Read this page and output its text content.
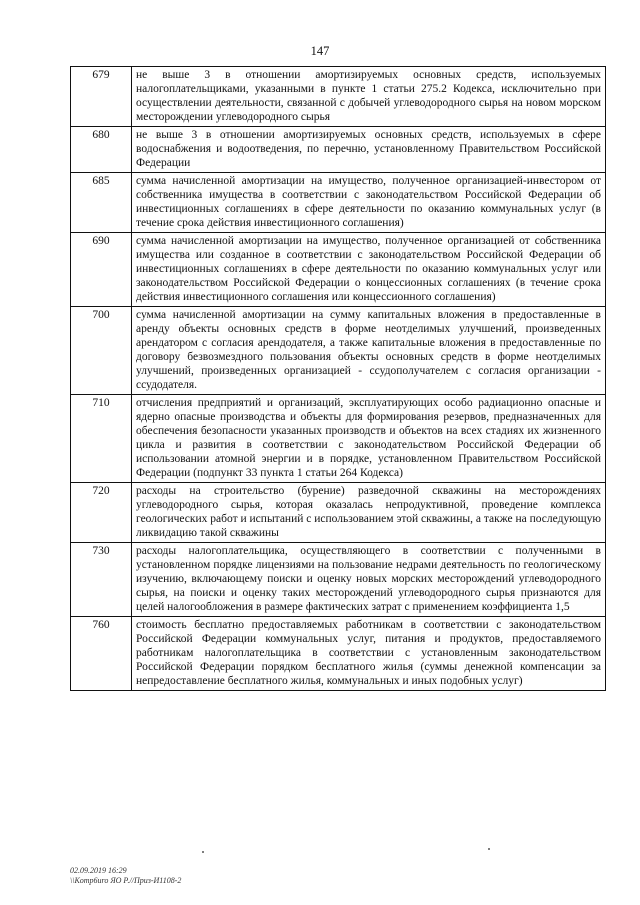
147
679	не выше 3 в отношении амортизируемых основных средств, используемых налогоплательщиками, указанными в пункте 1 статьи 275.2 Кодекса, исключительно при осуществлении деятельности, связанной с добычей углеводородного сырья на новом морском месторождении углеводородного сырья
680	не выше 3 в отношении амортизируемых основных средств, используемых в сфере водоснабжения и водоотведения, по перечню, установленному Правительством Российской Федерации
685	сумма начисленной амортизации на имущество, полученное организацией-инвестором от собственника имущества в соответствии с законодательством Российской Федерации об инвестиционных соглашениях в сфере деятельности по оказанию коммунальных услуг (в течение срока действия инвестиционного соглашения)
690	сумма начисленной амортизации на имущество, полученное организацией от собственника имущества или созданное в соответствии с законодательством Российской Федерации об инвестиционных соглашениях в сфере деятельности по оказанию коммунальных услуг или законодательством Российской Федерации о концессионных соглашениях (в течение срока действия инвестиционного соглашения или концессионного соглашения)
700	сумма начисленной амортизации на сумму капитальных вложения в предоставленные в аренду объекты основных средств в форме неотделимых улучшений, произведенных арендатором с согласия арендодателя, а также капитальные вложения в предоставленные по договору безвозмездного пользования объекты основных средств в форме неотделимых улучшений, произведенных организацией - ссудополучателем с согласия организации - ссудодателя.
710	отчисления предприятий и организаций, эксплуатирующих особо радиационно опасные и ядерно опасные производства и объекты для формирования резервов, предназначенных для обеспечения безопасности указанных производств и объектов на всех стадиях их жизненного цикла и развития в соответствии с законодательством Российской Федерации об использовании атомной энергии и в порядке, установленном Правительством Российской Федерации (подпункт 33 пункта 1 статьи 264 Кодекса)
720	расходы на строительство (бурение) разведочной скважины на месторождениях углеводородного сырья, которая оказалась непродуктивной, проведение комплекса геологических работ и испытаний с использованием этой скважины, а также на последующую ликвидацию такой скважины
730	расходы налогоплательщика, осуществляющего в соответствии с полученными в установленном порядке лицензиями на пользование недрами деятельность по геологическому изучению, включающему поиски и оценку новых морских месторождений углеводородного сырья, на поиски и оценку таких месторождений углеводородного сырья признаются для целей налогообложения в размере фактических затрат с применением коэффициента 1,5
760	стоимость бесплатно предоставляемых работникам в соответствии с законодательством Российской Федерации коммунальных услуг, питания и продуктов, предоставляемого работникам налогоплательщика в соответствии с установленным законодательством Российской Федерации порядком бесплатного жилья (суммы денежной компенсации за непредоставление бесплатного жилья, коммунальных и иных подобных услуг)
02.09.2019 16:29
\\Komp6uro ЯО Р.//Приз-И1108-2
